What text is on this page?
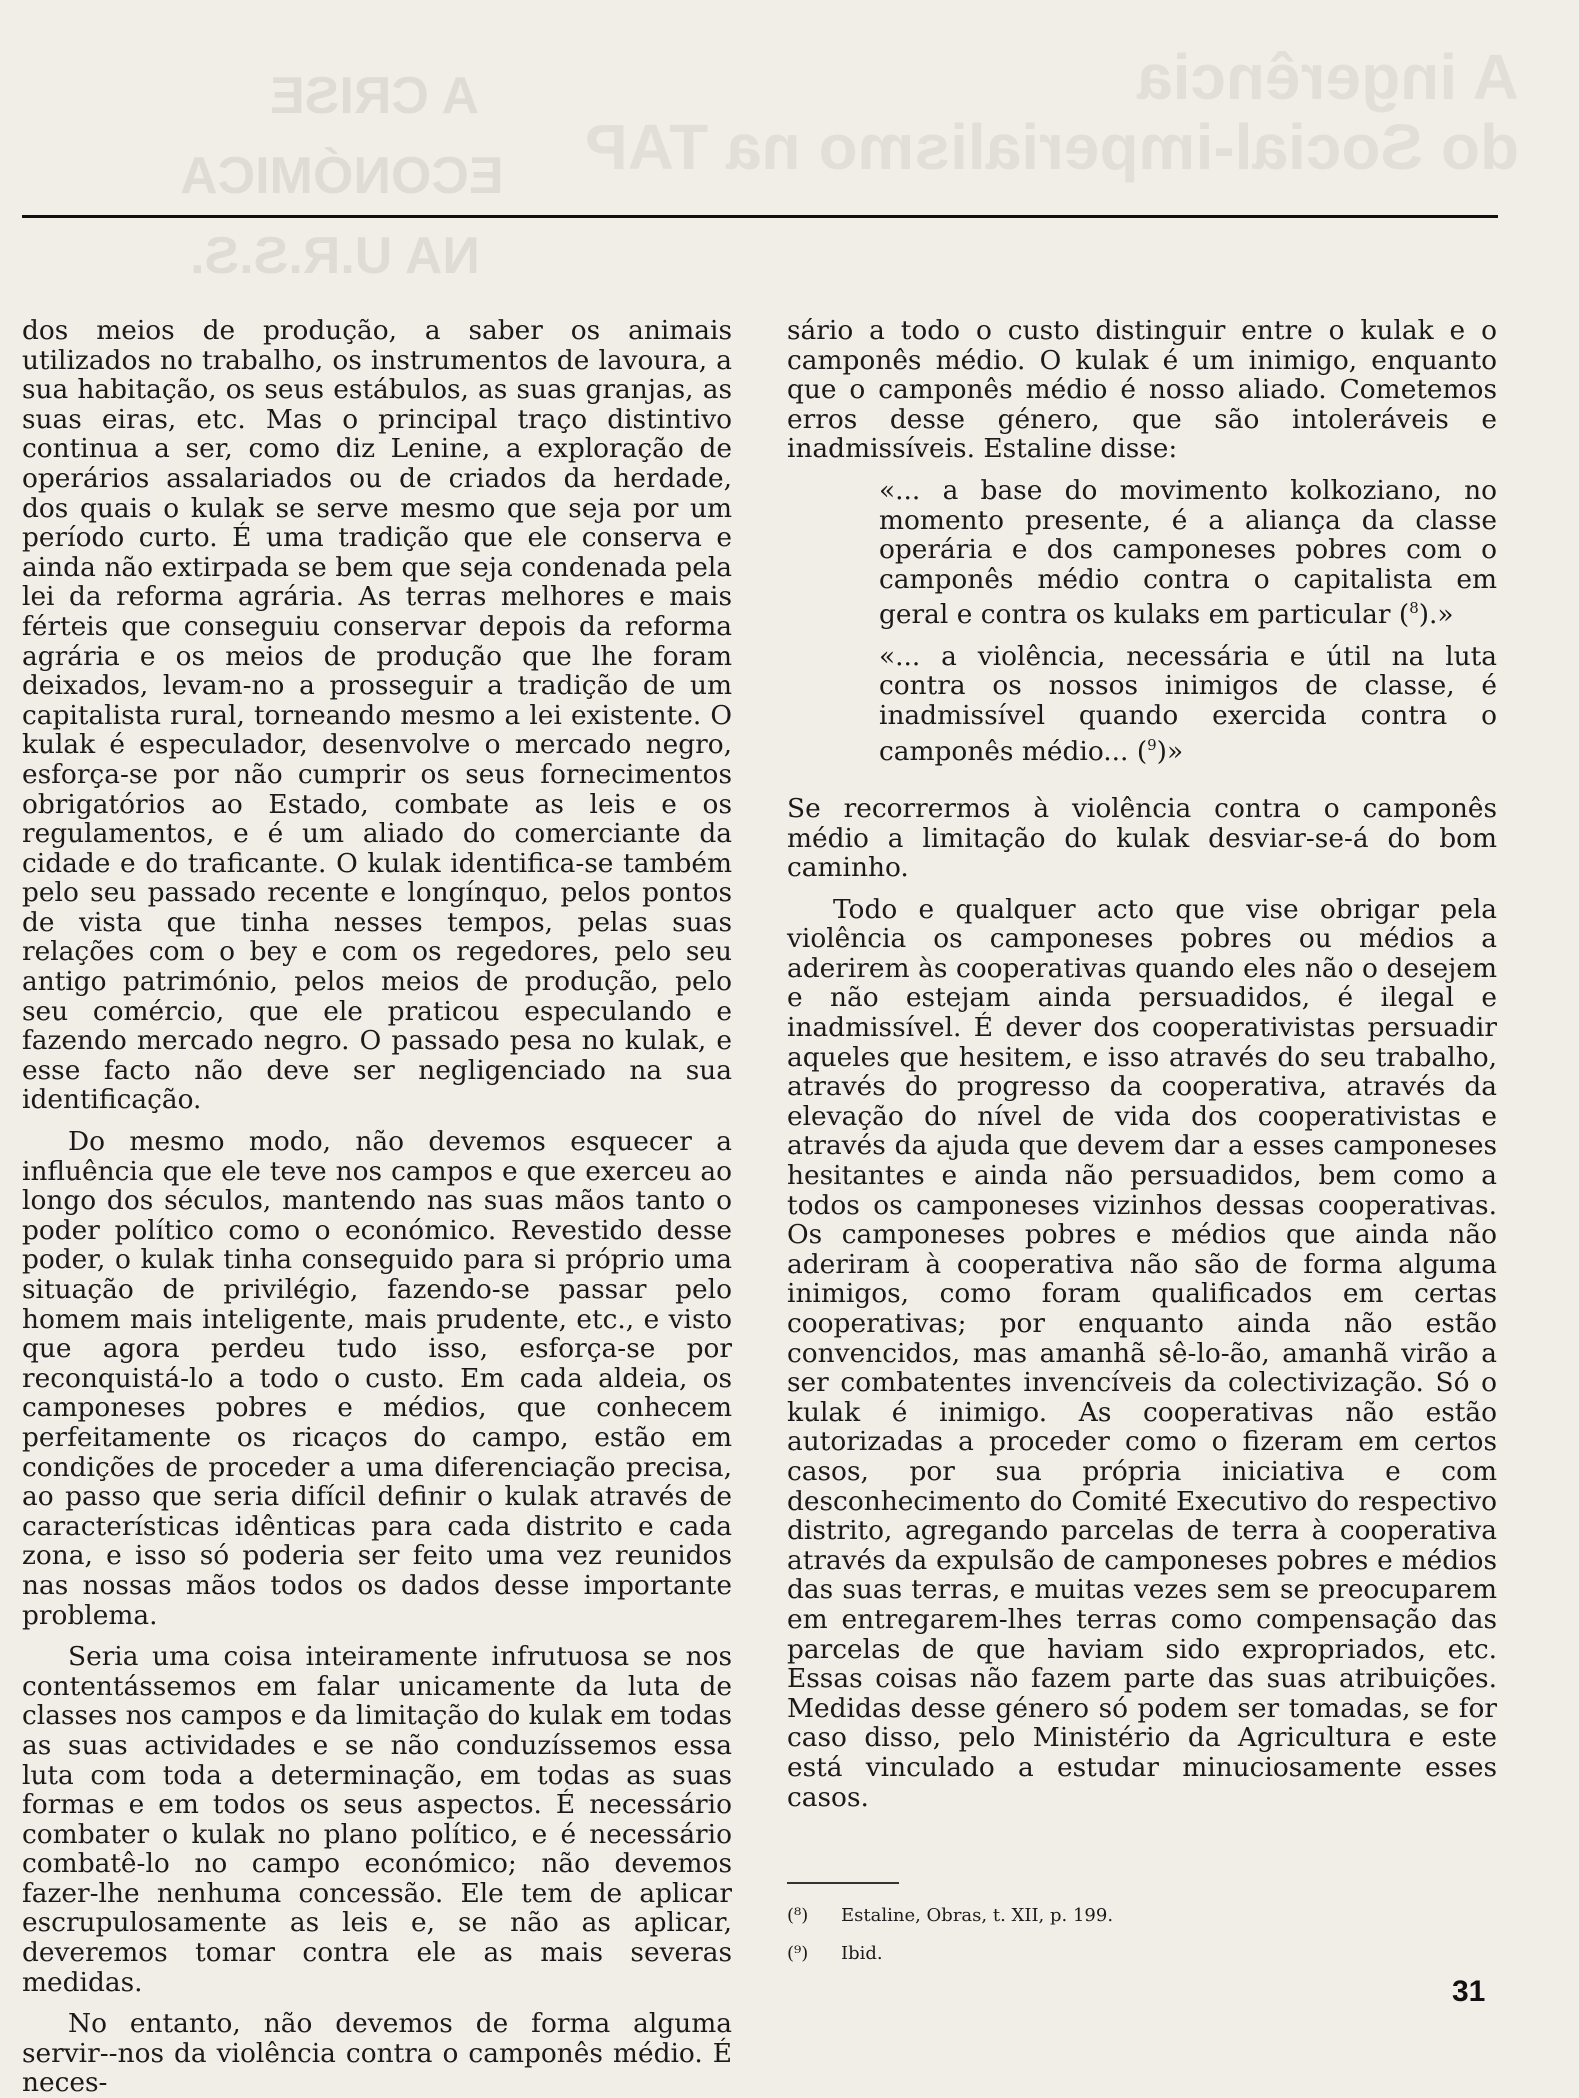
A ingerência
do Social-imperialismo na TAP
A CRISE
ECONÓMICA
NA U.R.S.S.

dos meios de produção, a saber os animais utilizados no trabalho, os instrumentos de lavoura, a sua habitação, os seus estábulos, as suas granjas, as suas eiras, etc. Mas o principal traço distintivo continua a ser, como diz Lenine, a exploração de operários assalariados ou de criados da herdade, dos quais o kulak se serve mesmo que seja por um período curto. É uma tradição que ele conserva e ainda não extirpada se bem que seja condenada pela lei da reforma agrária. As terras melhores e mais férteis que conseguiu conservar depois da reforma agrária e os meios de produção que lhe foram deixados, levam-no a prosseguir a tradição de um capitalista rural, torneando mesmo a lei existente. O kulak é especulador, desenvolve o mercado negro, esforça-se por não cumprir os seus fornecimentos obrigatórios ao Estado, combate as leis e os regulamentos, e é um aliado do comerciante da cidade e do traficante. O kulak identifica-se também pelo seu passado recente e longínquo, pelos pontos de vista que tinha nesses tempos, pelas suas relações com o bey e com os regedores, pelo seu antigo património, pelos meios de produção, pelo seu comércio, que ele praticou especulando e fazendo mercado negro. O passado pesa no kulak, e esse facto não deve ser negligenciado na sua identificação.

Do mesmo modo, não devemos esquecer a influência que ele teve nos campos e que exerceu ao longo dos séculos, mantendo nas suas mãos tanto o poder político como o económico. Revestido desse poder, o kulak tinha conseguido para si próprio uma situação de privilégio, fazendo-se passar pelo homem mais inteligente, mais prudente, etc., e visto que agora perdeu tudo isso, esforça-se por reconquistá-lo a todo o custo. Em cada aldeia, os camponeses pobres e médios, que conhecem perfeitamente os ricaços do campo, estão em condições de proceder a uma diferenciação precisa, ao passo que seria difícil definir o kulak através de características idênticas para cada distrito e cada zona, e isso só poderia ser feito uma vez reunidos nas nossas mãos todos os dados desse importante problema.

Seria uma coisa inteiramente infrutuosa se nos contentássemos em falar unicamente da luta de classes nos campos e da limitação do kulak em todas as suas actividades e se não conduzíssemos essa luta com toda a determinação, em todas as suas formas e em todos os seus aspectos. É necessário combater o kulak no plano político, e é necessário combatê-lo no campo económico; não devemos fazer-lhe nenhuma concessão. Ele tem de aplicar escrupulosamente as leis e, se não as aplicar, deveremos tomar contra ele as mais severas medidas.

No entanto, não devemos de forma alguma servir--nos da violência contra o camponês médio. É neces-

sário a todo o custo distinguir entre o kulak e o camponês médio. O kulak é um inimigo, enquanto que o camponês médio é nosso aliado. Cometemos erros desse género, que são intoleráveis e inadmissíveis. Estaline disse:

«... a base do movimento kolkoziano, no momento presente, é a aliança da classe operária e dos camponeses pobres com o camponês médio contra o capitalista em geral e contra os kulaks em particular ($^8$).»

«... a violência, necessária e útil na luta contra os nossos inimigos de classe, é inadmissível quando exercida contra o camponês médio... ($^9$)»

Se recorrermos à violência contra o camponês médio a limitação do kulak desviar-se-á do bom caminho.

Todo e qualquer acto que vise obrigar pela violência os camponeses pobres ou médios a aderirem às cooperativas quando eles não o desejem e não estejam ainda persuadidos, é ilegal e inadmissível. É dever dos cooperativistas persuadir aqueles que hesitem, e isso através do seu trabalho, através do progresso da cooperativa, através da elevação do nível de vida dos cooperativistas e através da ajuda que devem dar a esses camponeses hesitantes e ainda não persuadidos, bem como a todos os camponeses vizinhos dessas cooperativas. Os camponeses pobres e médios que ainda não aderiram à cooperativa não são de forma alguma inimigos, como foram qualificados em certas cooperativas; por enquanto ainda não estão convencidos, mas amanhã sê-lo-ão, amanhã virão a ser combatentes invencíveis da colectivização. Só o kulak é inimigo. As cooperativas não estão autorizadas a proceder como o fizeram em certos casos, por sua própria iniciativa e com desconhecimento do Comité Executivo do respectivo distrito, agregando parcelas de terra à cooperativa através da expulsão de camponeses pobres e médios das suas terras, e muitas vezes sem se preocuparem em entregarem-lhes terras como compensação das parcelas de que haviam sido expropriados, etc. Essas coisas não fazem parte das suas atribuições. Medidas desse género só podem ser tomadas, se for caso disso, pelo Ministério da Agricultura e este está vinculado a estudar minuciosamente esses casos.

(⁸)	Estaline, Obras, t. XII, p. 199.
(⁹)	Ibid.
31
